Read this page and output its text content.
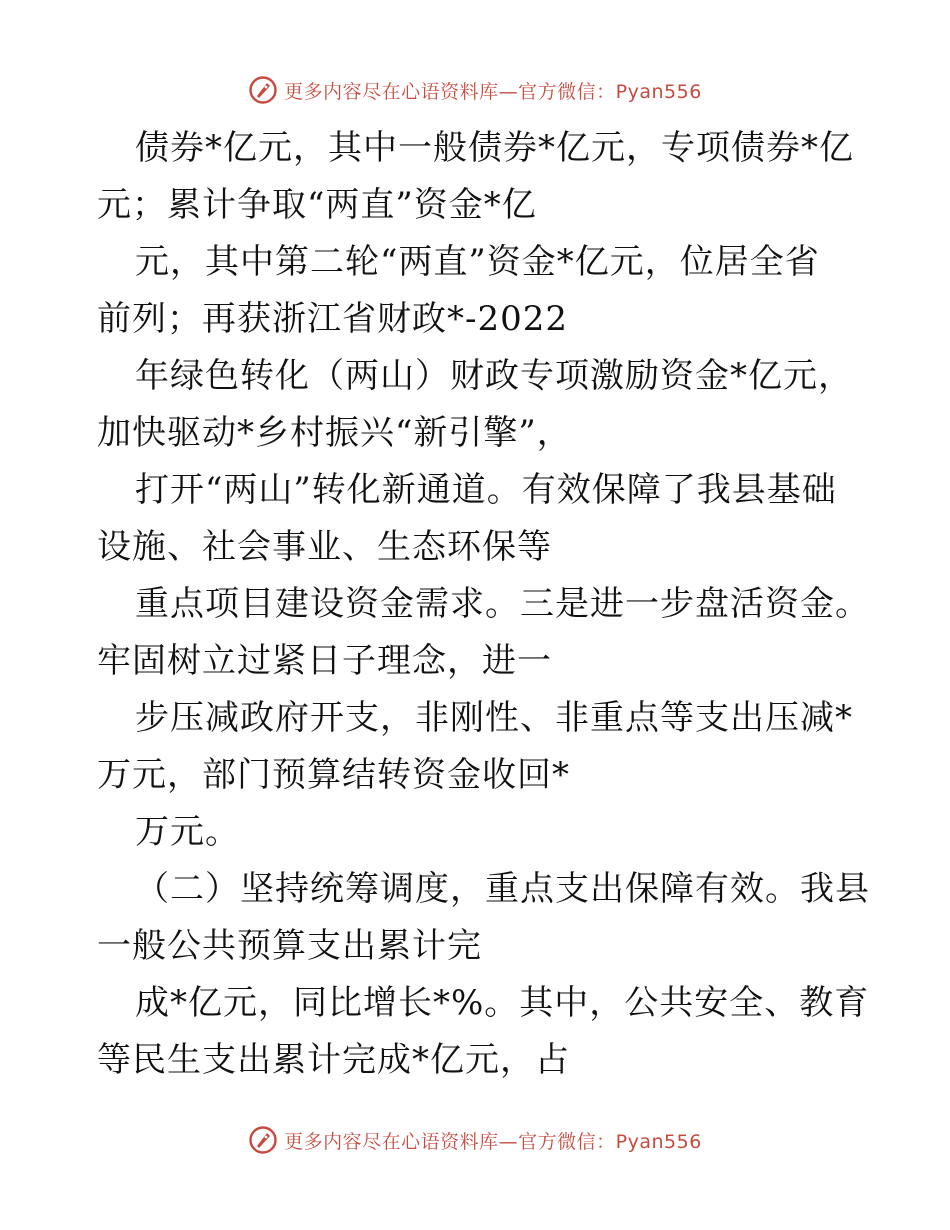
更多内容尽在心语资料库—官方微信：Pyan556
债券*亿元，其中一般债券*亿元，专项债券*亿
元；累计争取“两直”资金*亿
元，其中第二轮“两直”资金*亿元，位居全省
前列；再获浙江省财政*-2022
年绿色转化（两山）财政专项激励资金*亿元，
加快驱动*乡村振兴“新引擎”，
打开“两山”转化新通道。有效保障了我县基础
设施、社会事业、生态环保等
重点项目建设资金需求。三是进一步盘活资金。
牢固树立过紧日子理念，进一
步压减政府开支，非刚性、非重点等支出压减*
万元，部门预算结转资金收回*
万元。
（二）坚持统筹调度，重点支出保障有效。我县
一般公共预算支出累计完
成*亿元，同比增长*%。其中，公共安全、教育
等民生支出累计完成*亿元，占
更多内容尽在心语资料库—官方微信：Pyan556
